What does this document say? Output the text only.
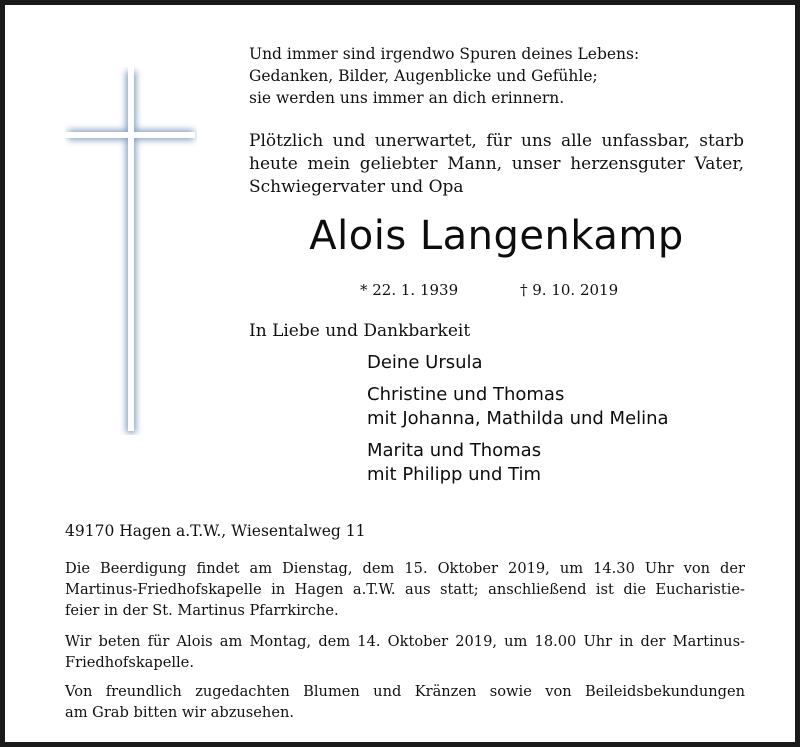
Und immer sind irgendwo Spuren deines Lebens:
Gedanken, Bilder, Augenblicke und Gefühle;
sie werden uns immer an dich erinnern.
Plötzlich und unerwartet, für uns alle unfassbar, starb
heute mein geliebter Mann, unser herzensguter Vater,
Schwiegervater und Opa
Alois Langenkamp
* 22. 1. 1939	† 9. 10. 2019
In Liebe und Dankbarkeit
Deine Ursula
Christine und Thomas
mit Johanna, Mathilda und Melina
Marita und Thomas
mit Philipp und Tim
49170 Hagen a.T.W., Wiesentalweg 11
Die Beerdigung findet am Dienstag, dem 15. Oktober 2019, um 14.30 Uhr von der
Martinus-Friedhofskapelle in Hagen a.T.W. aus statt; anschließend ist die Eucharistie-
feier in der St. Martinus Pfarrkirche.
Wir beten für Alois am Montag, dem 14. Oktober 2019, um 18.00 Uhr in der Martinus-
Friedhofskapelle.
Von freundlich zugedachten Blumen und Kränzen sowie von Beileidsbekundungen
am Grab bitten wir abzusehen.
